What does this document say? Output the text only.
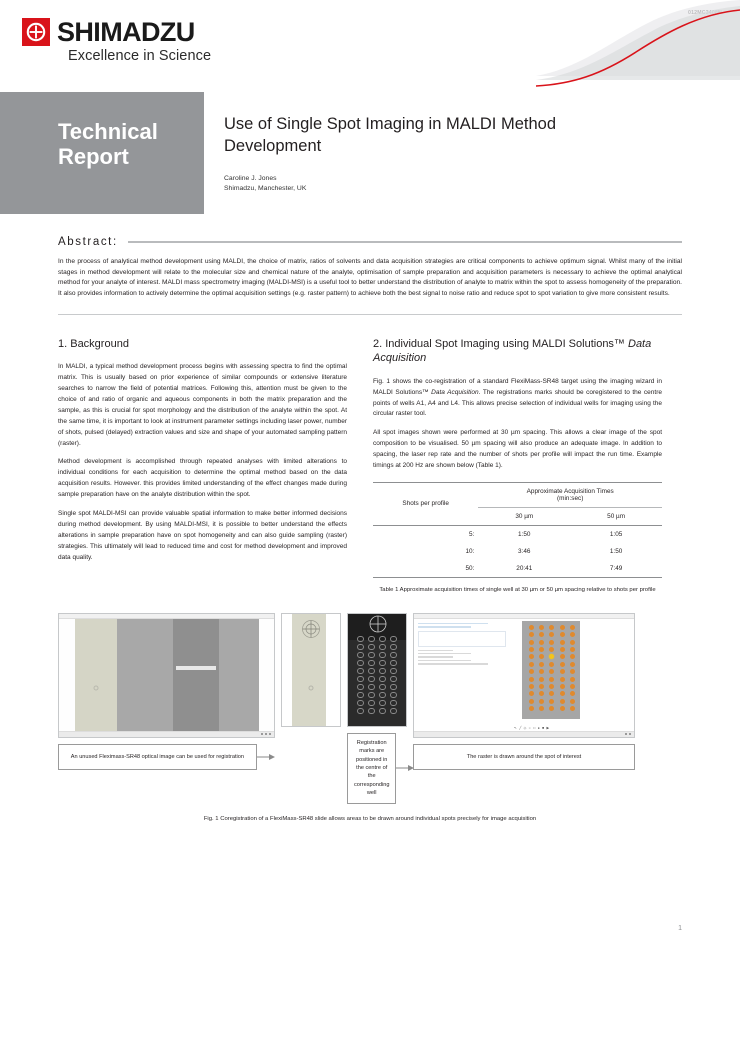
SHIMADZU
Excellence in Science
Technical
Report
Use of Single Spot Imaging in MALDI Method Development
Caroline J. Jones
Shimadzu, Manchester, UK
Abstract:
In the process of analytical method development using MALDI, the choice of matrix, ratios of solvents and data acquisition strategies are critical components to achieve optimum signal. Whilst many of the initial stages in method development will relate to the molecular size and chemical nature of the analyte, optimisation of sample preparation and acquisition parameters is necessary to achieve the optimal analytical method for your analyte of interest. MALDI mass spectrometry imaging (MALDI-MSI) is a useful tool to better understand the distribution of analyte to matrix within the spot to assess homogeneity of the preparation. It also provides information to actively determine the optimal acquisition settings (e.g. raster pattern) to achieve both the best signal to noise ratio and reduce spot to spot variation to give more consistent results.
1. Background

In MALDI, a typical method development process begins with assessing spectra to find the optimal matrix. This is usually based on prior experience of similar compounds or extensive literature searches to narrow the field of potential matrices. Following this, attention must be given to the choice of and ratio of organic and aqueous components in both the matrix preparation and the sample, as this is crucial for spot morphology and the distribution of the analyte within the spot. At the same time, it is important to look at instrument parameter settings including laser power, number of shots, pulsed (delayed) extraction values and size and shape of your automated sampling pattern (raster).

Method development is accomplished through repeated analyses with limited alterations to individual conditions for each acquisition to determine the optimal method based on the data acquisition results. However. this provides limited understanding of the effect changes made during sample preparation have on the analyte distribution within the spot.

Single spot MALDI-MSI can provide valuable spatial information to make better informed decisions during method development. By using MALDI-MSI, it is possible to better understand the effects alterations in sample preparation have on spot homogeneity and can also guide sampling (raster) strategies. This ultimately will lead to reduced time and cost for method development and improved data quality.

2. Individual Spot Imaging using MALDI Solutions™ Data Acquisition

Fig. 1 shows the co-registration of a standard FlexiMass-SR48 target using the imaging wizard in MALDI Solutions™ Data Acquisition. The registrations marks should be coregistered to the centre points of wells A1, A4 and L4. This allows precise selection of individual wells for imaging using the circular raster tool.

All spot images shown were performed at 30 µm spacing. This allows a clear image of the spot composition to be visualised. 50 µm spacing will also produce an adequate image. In addition to spacing, the laser rep rate and the number of shots per profile will impact the run time. Example timings at 200 Hz are shown below (Table 1).

Shots per profile	Approximate Acquisition Times
(min:sec)	
	30 µm	50 µm
5:	1:50	1:05
10:	3:46	1:50
50:	20:41	7:49
Table 1 Approximate acquisition times of single well at 30 µm or 50 µm spacing relative to shots per profile
An unused Fleximass-SR48 optical image can be used for registration
Registration marks are positioned in the centre of the corresponding well
↖ ╱ ◇ ○ □ ● ■ ▶
The raster is drawn around the spot of interest
Fig. 1 Coregistration of a FlexiMass-SR48 slide allows areas to be drawn around individual spots precisely for image acquisition
1
